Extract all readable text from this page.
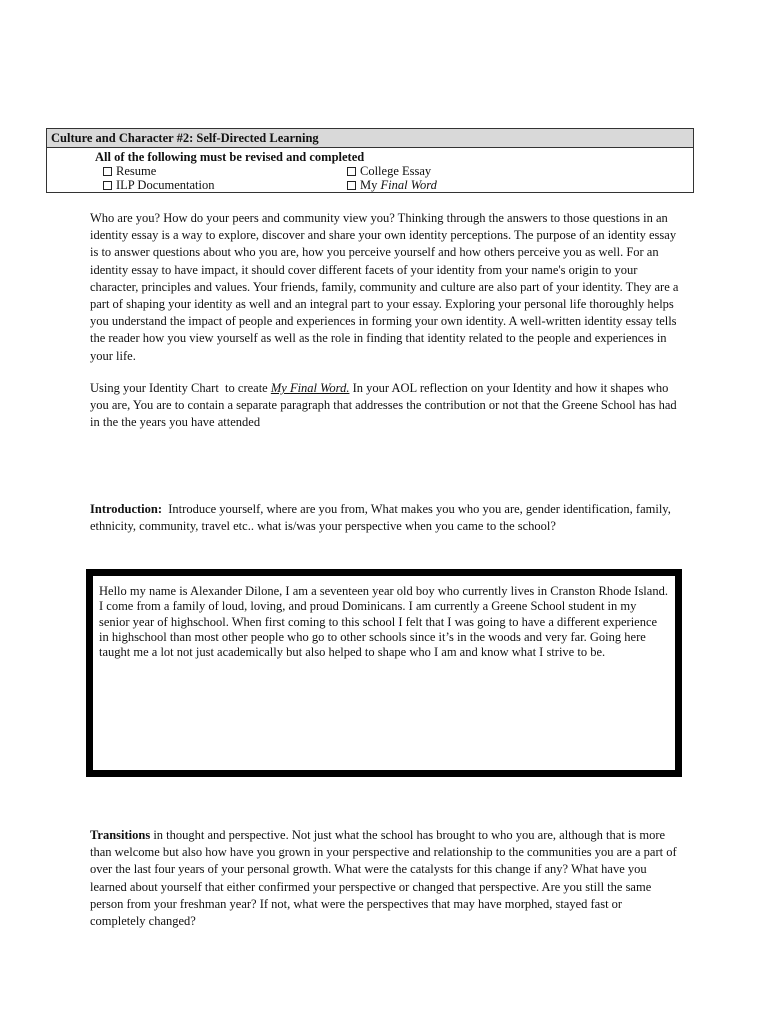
Culture and Character #2: Self-Directed Learning
All of the following must be revised and completed
Resume	College Essay
ILP Documentation	My Final Word

Who are you? How do your peers and community view you? Thinking through the answers to those questions in an identity essay is a way to explore, discover and share your own identity perceptions. The purpose of an identity essay is to answer questions about who you are, how you perceive yourself and how others perceive you as well. For an identity essay to have impact, it should cover different facets of your identity from your name's origin to your character, principles and values. Your friends, family, community and culture are also part of your identity. They are a part of shaping your identity as well and an integral part to your essay. Exploring your personal life thoroughly helps you understand the impact of people and experiences in forming your own identity. A well-written identity essay tells the reader how you view yourself as well as the role in finding that identity related to the people and experiences in your life.

Using your Identity Chart  to create My Final Word. In your AOL reflection on your Identity and how it shapes who you are, You are to contain a separate paragraph that addresses the contribution or not that the Greene School has had in the the years you have attended

Introduction:  Introduce yourself, where are you from, What makes you who you are, gender identification, family, ethnicity, community, travel etc.. what is/was your perspective when you came to the school?

Hello my name is Alexander Dilone, I am a seventeen year old boy who currently lives in Cranston Rhode Island. I come from a family of loud, loving, and proud Dominicans. I am currently a Greene School student in my senior year of highschool. When first coming to this school I felt that I was going to have a different experience in highschool than most other people who go to other schools since it’s in the woods and very far. Going here taught me a lot not just academically but also helped to shape who I am and know what I strive to be.

Transitions in thought and perspective. Not just what the school has brought to who you are, although that is more than welcome but also how have you grown in your perspective and relationship to the communities you are a part of over the last four years of your personal growth. What were the catalysts for this change if any? What have you learned about yourself that either confirmed your perspective or changed that perspective. Are you still the same person from your freshman year? If not, what were the perspectives that may have morphed, stayed fast or completely changed?
